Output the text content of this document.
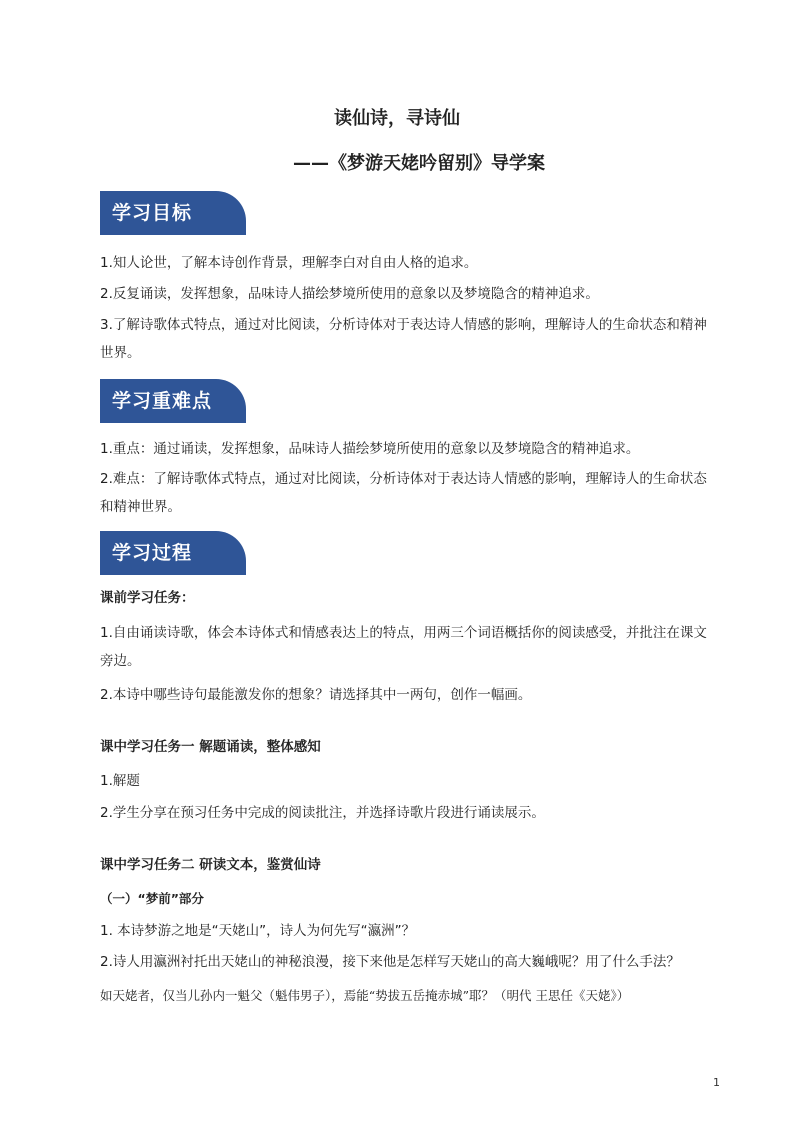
读仙诗，寻诗仙
——《梦游天姥吟留别》导学案
学习目标

1.知人论世，了解本诗创作背景，理解李白对自由人格的追求。

2.反复诵读，发挥想象，品味诗人描绘梦境所使用的意象以及梦境隐含的精神追求。

3.了解诗歌体式特点，通过对比阅读，分析诗体对于表达诗人情感的影响，理解诗人的生命状态和精神世界。

学习重难点

1.重点：通过诵读，发挥想象，品味诗人描绘梦境所使用的意象以及梦境隐含的精神追求。

2.难点：了解诗歌体式特点，通过对比阅读，分析诗体对于表达诗人情感的影响，理解诗人的生命状态和精神世界。

学习过程

课前学习任务：

1.自由诵读诗歌，体会本诗体式和情感表达上的特点，用两三个词语概括你的阅读感受，并批注在课文旁边。

2.本诗中哪些诗句最能激发你的想象？请选择其中一两句，创作一幅画。

课中学习任务一 解题诵读，整体感知

1.解题

2.学生分享在预习任务中完成的阅读批注，并选择诗歌片段进行诵读展示。

课中学习任务二 研读文本，鉴赏仙诗

（一）“梦前”部分

1. 本诗梦游之地是“天姥山”，诗人为何先写“瀛洲”？

2.诗人用瀛洲衬托出天姥山的神秘浪漫，接下来他是怎样写天姥山的高大巍峨呢？用了什么手法？

如天姥者，仅当儿孙内一魁父（魁伟男子），焉能“势拔五岳掩赤城”耶？（明代 王思任《天姥》）
1
